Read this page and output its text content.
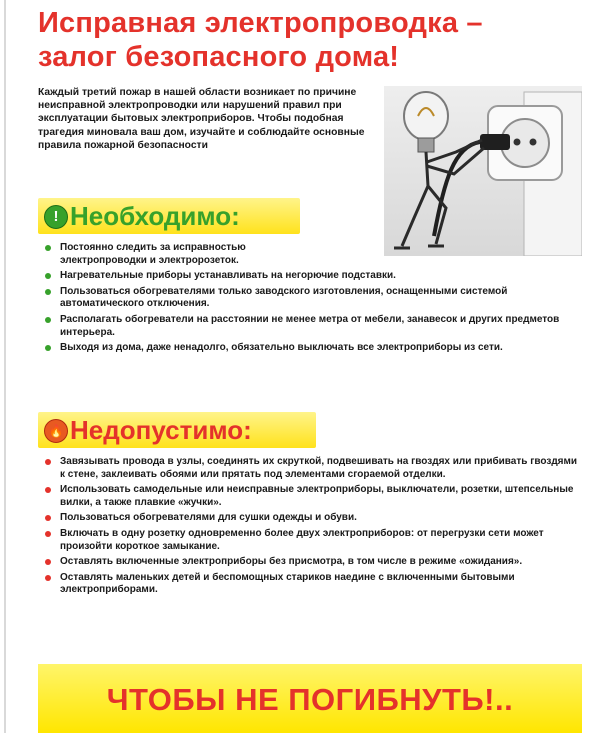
Исправная электропроводка –
залог безопасного дома!
Каждый третий пожар в нашей области возникает по причине неисправной электропроводки или нарушений правил при эксплуатации бытовых электроприборов. Чтобы подобная трагедия миновала ваш дом, изучайте и соблюдайте основные правила пожарной безопасности
! Необходимо:
Постоянно следить за исправностью электропроводки и электророзеток.
Нагревательные приборы устанавливать на негорючие подставки.
Пользоваться обогревателями только заводского изготовления, оснащенными системой автоматического отключения.
Располагать обогреватели на расстоянии не менее метра от мебели, занавесок и других предметов интерьера.
Выходя из дома, даже ненадолго, обязательно выключать все электроприборы из сети.
🔥 Недопустимо:
Завязывать провода в узлы, соединять их скруткой, подвешивать на гвоздях или прибивать гвоздями к стене, заклеивать обоями или прятать под элементами сгораемой отделки.
Использовать самодельные или неисправные электроприборы, выключатели, розетки, штепсельные вилки, а также плавкие «жучки».
Пользоваться обогревателями для сушки одежды и обуви.
Включать в одну розетку одновременно более двух электроприборов: от перегрузки сети может произойти короткое замыкание.
Оставлять включенные электроприборы без присмотра, в том числе в режиме «ожидания».
Оставлять маленьких детей и беспомощных стариков наедине с включенными бытовыми электроприборами.
ЧТОБЫ НЕ ПОГИБНУТЬ!..
